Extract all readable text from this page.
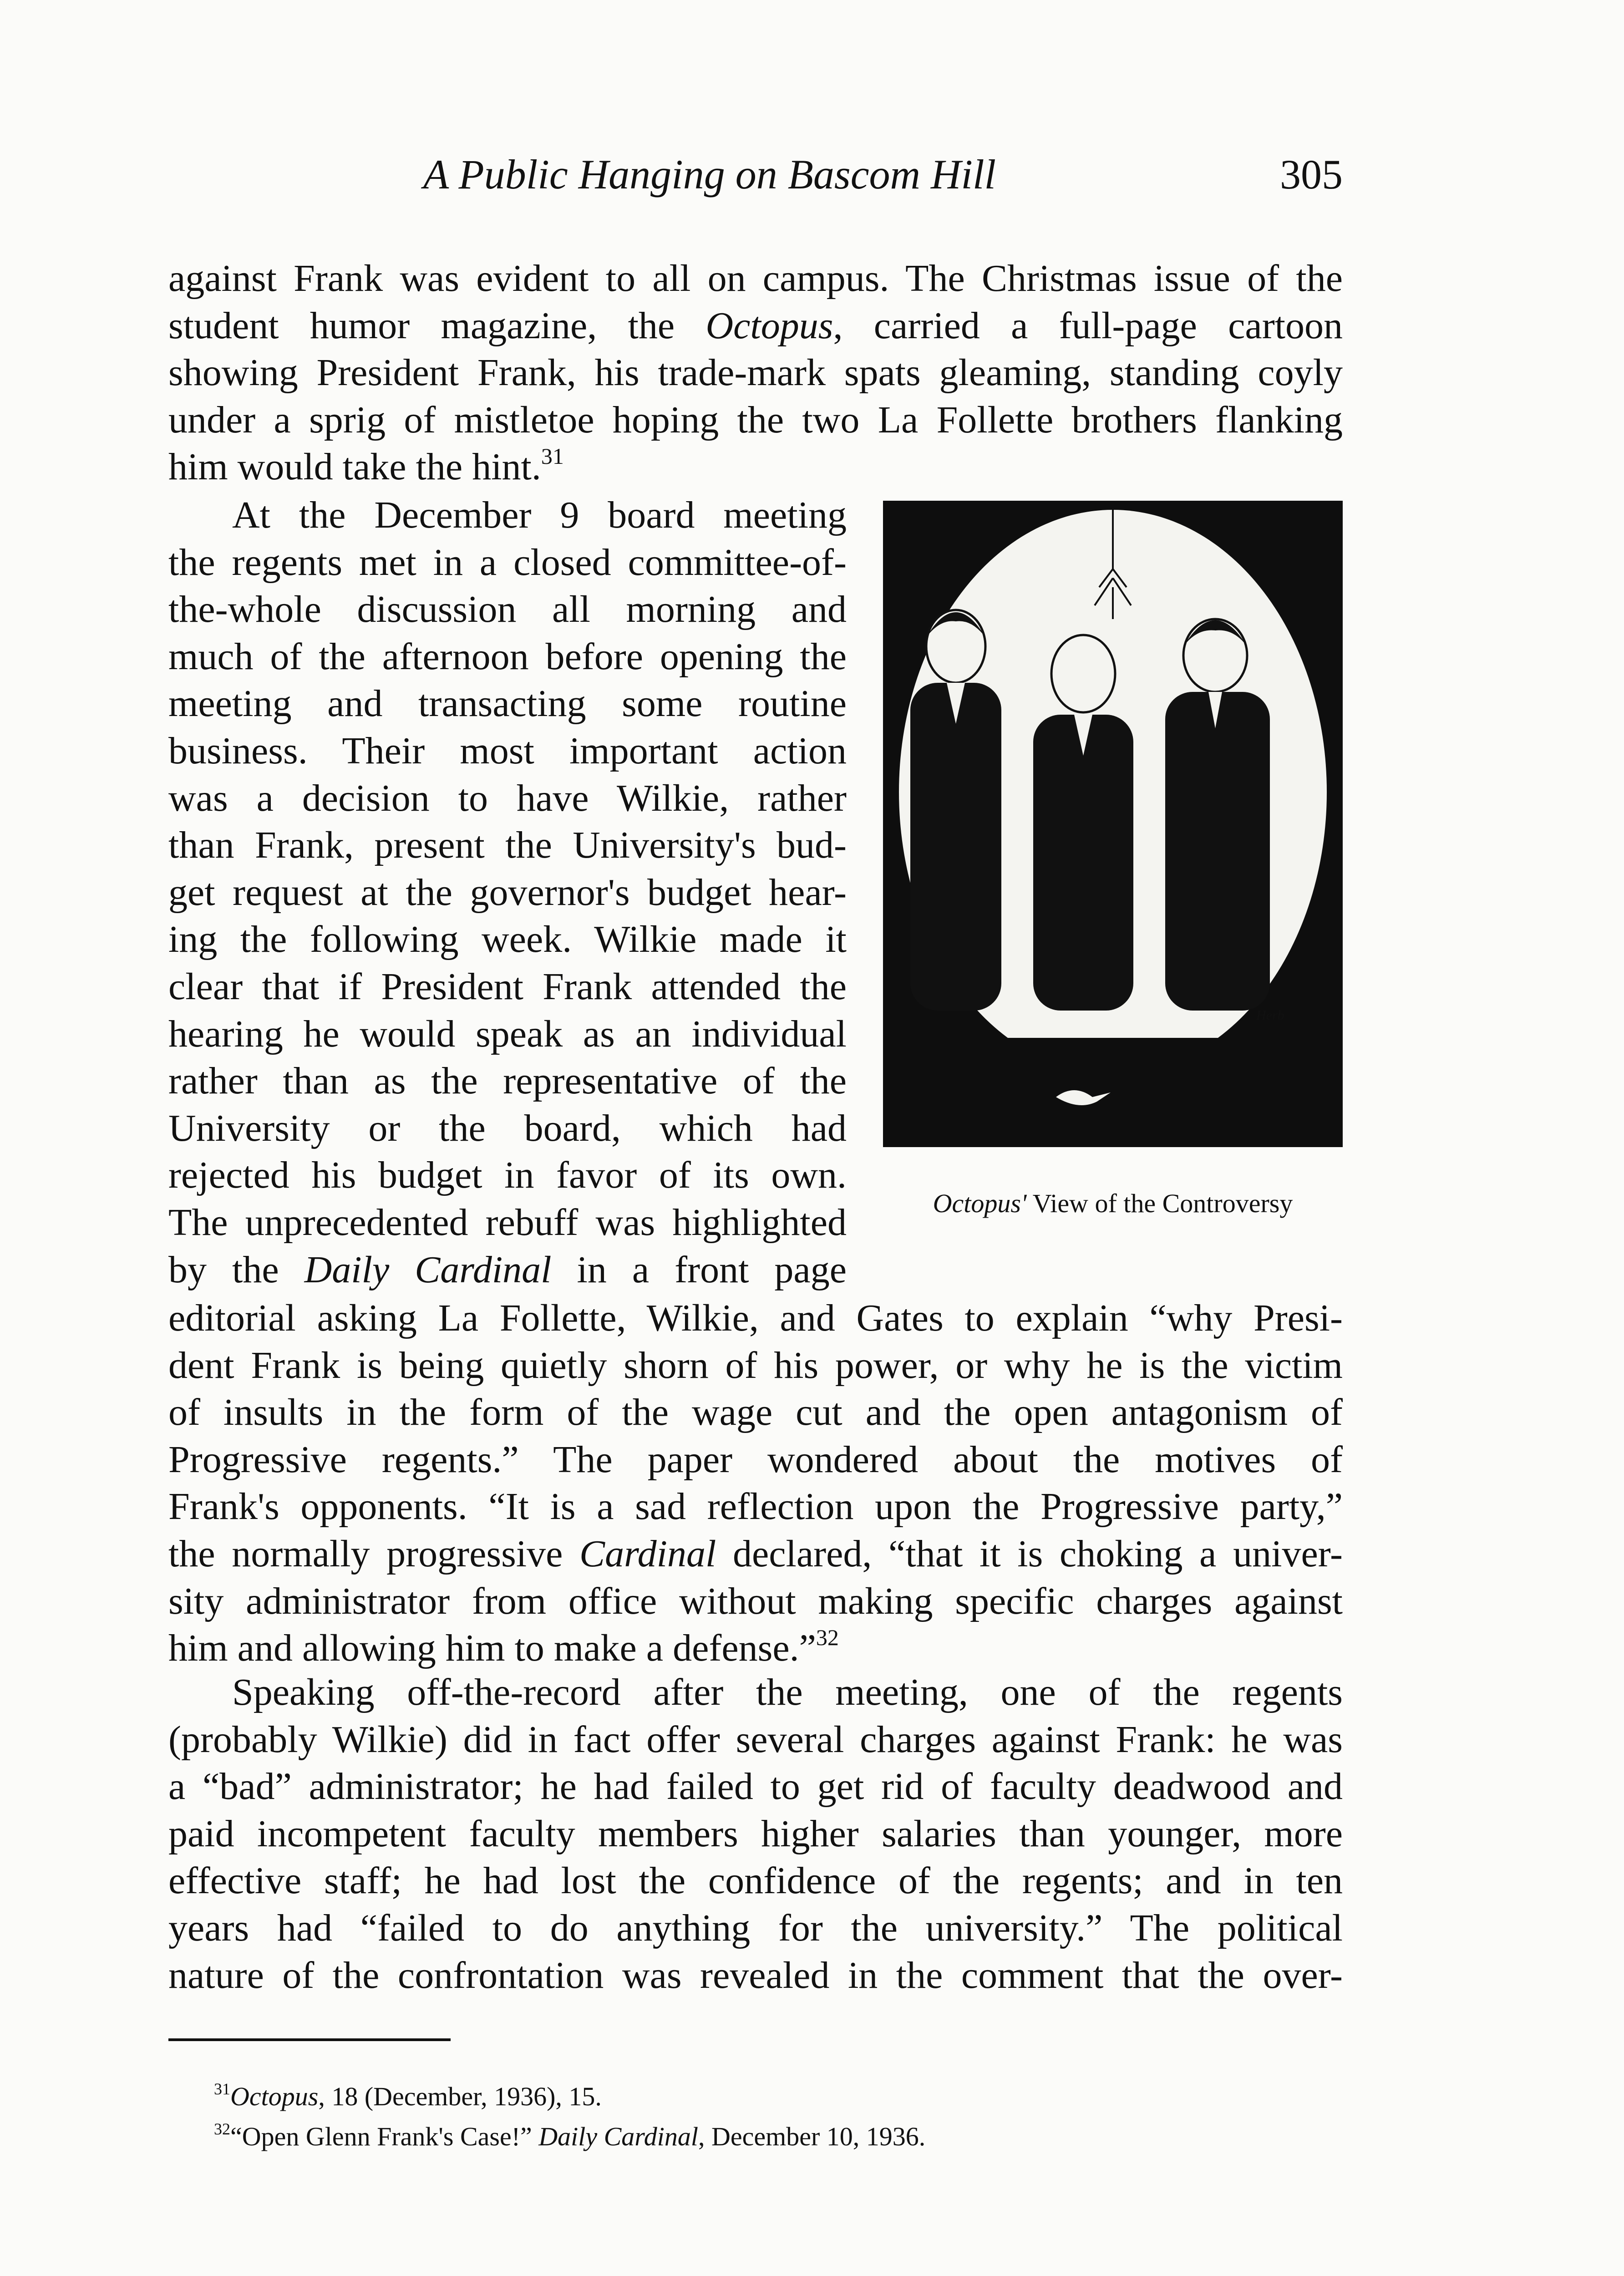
A Public Hanging on Bascom Hill	305
against Frank was evident to all on campus. The Christmas issue of the
student humor magazine, the Octopus, carried a full-page cartoon
showing President Frank, his trade-mark spats gleaming, standing coyly
under a sprig of mistletoe hoping the two La Follette brothers flanking
him would take the hint.$^{31}$
At the December 9 board meeting
the regents met in a closed committee-of-
the-whole discussion all morning and
much of the afternoon before opening the
meeting and transacting some routine
business. Their most important action
was a decision to have Wilkie, rather
than Frank, present the University's bud-
get request at the governor's budget hear-
ing the following week. Wilkie made it
clear that if President Frank attended the
hearing he would speak as an individual
rather than as the representative of the
University or the board, which had
rejected his budget in favor of its own.
The unprecedented rebuff was highlighted
by the Daily Cardinal in a front page
Herb
Octopus' View of the Controversy
editorial asking La Follette, Wilkie, and Gates to explain “why Presi-
dent Frank is being quietly shorn of his power, or why he is the victim
of insults in the form of the wage cut and the open antagonism of
Progressive regents.” The paper wondered about the motives of
Frank's opponents. “It is a sad reflection upon the Progressive party,”
the normally progressive Cardinal declared, “that it is choking a univer-
sity administrator from office without making specific charges against
him and allowing him to make a defense.”$^{32}$
Speaking off-the-record after the meeting, one of the regents
(probably Wilkie) did in fact offer several charges against Frank: he was
a “bad” administrator; he had failed to get rid of faculty deadwood and
paid incompetent faculty members higher salaries than younger, more
effective staff; he had lost the confidence of the regents; and in ten
years had “failed to do anything for the university.” The political
nature of the confrontation was revealed in the comment that the over-
$^{31}$Octopus, 18 (December, 1936), 15.
$^{32}$“Open Glenn Frank's Case!” Daily Cardinal, December 10, 1936.
